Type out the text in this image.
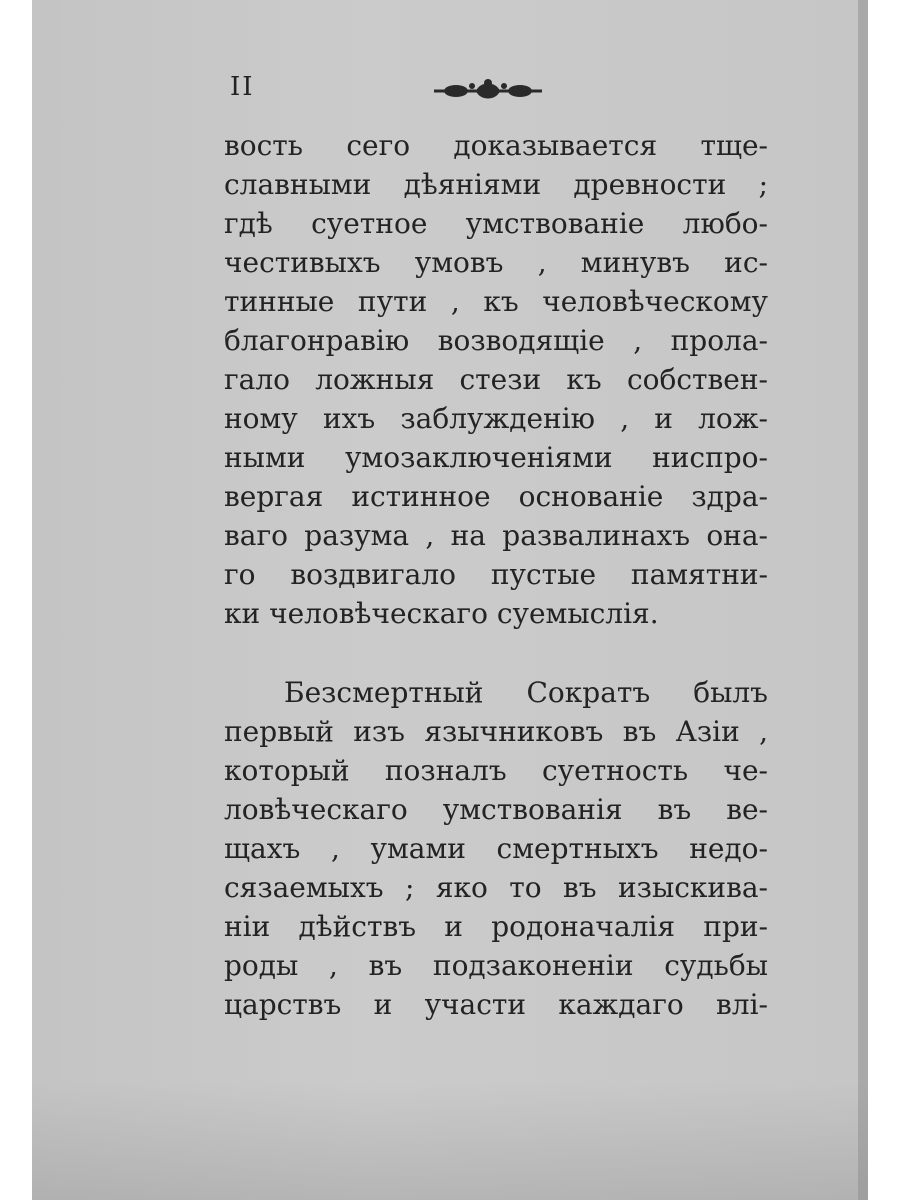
II
вость сего доказывается тще-
славными дѣяніями древности ;
гдѣ суетное умствованіе любо-
честивыхъ умовъ , минувъ ис-
тинные пути , къ человѣческому
благонравію возводящіе , прола-
гало ложныя стези къ собствен-
ному ихъ заблужденію , и лож-
ными умозаключеніями ниспро-
вергая истинное основаніе здра-
ваго разума , на развалинахъ она-
го воздвигало пустые памятни-
ки человѣческаго суемыслія.
Безсмертный Сократъ былъ
первый изъ язычниковъ въ Азіи ,
который позналъ суетность че-
ловѣческаго умствованія въ ве-
щахъ , умами смертныхъ недо-
сязаемыхъ ; яко то въ изыскива-
ніи дѣйствъ и родоначалія при-
роды , въ подзаконеніи судьбы
царствъ и участи каждаго влі-
